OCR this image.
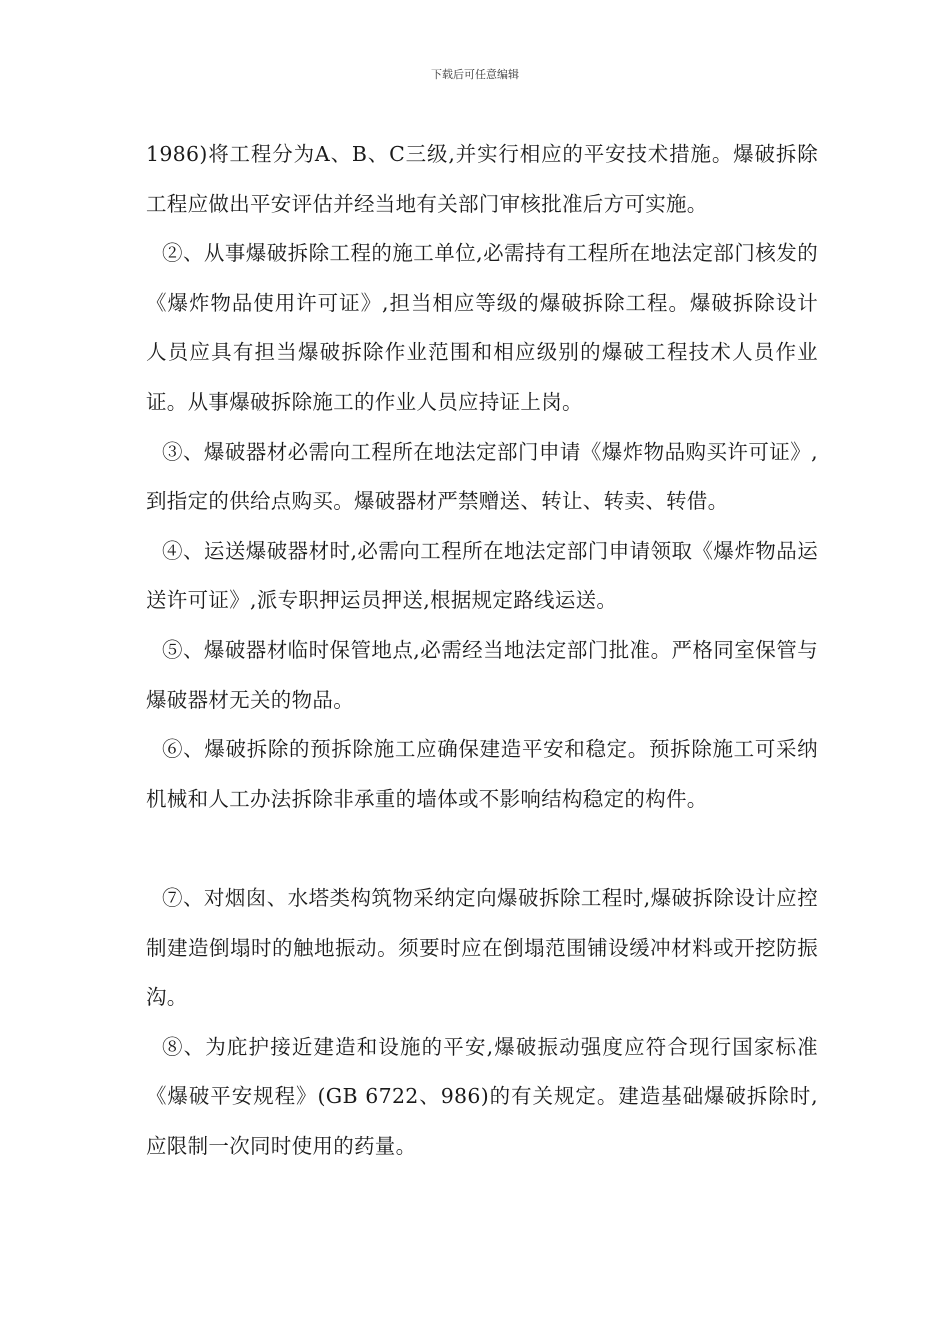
下载后可任意编辑

1986)将工程分为A、B、C三级,并实行相应的平安技术措施。爆破拆除工程应做出平安评估并经当地有关部门审核批准后方可实施。

②、从事爆破拆除工程的施工单位,必需持有工程所在地法定部门核发的《爆炸物品使用许可证》,担当相应等级的爆破拆除工程。爆破拆除设计人员应具有担当爆破拆除作业范围和相应级别的爆破工程技术人员作业证。从事爆破拆除施工的作业人员应持证上岗。

③、爆破器材必需向工程所在地法定部门申请《爆炸物品购买许可证》,到指定的供给点购买。爆破器材严禁赠送、转让、转卖、转借。

④、运送爆破器材时,必需向工程所在地法定部门申请领取《爆炸物品运送许可证》,派专职押运员押送,根据规定路线运送。

⑤、爆破器材临时保管地点,必需经当地法定部门批准。严格同室保管与爆破器材无关的物品。

⑥、爆破拆除的预拆除施工应确保建造平安和稳定。预拆除施工可采纳机械和人工办法拆除非承重的墙体或不影响结构稳定的构件。

⑦、对烟囱、水塔类构筑物采纳定向爆破拆除工程时,爆破拆除设计应控制建造倒塌时的触地振动。须要时应在倒塌范围铺设缓冲材料或开挖防振沟。

⑧、为庇护接近建造和设施的平安,爆破振动强度应符合现行国家标准《爆破平安规程》(GB 6722、986)的有关规定。建造基础爆破拆除时,应限制一次同时使用的药量。
